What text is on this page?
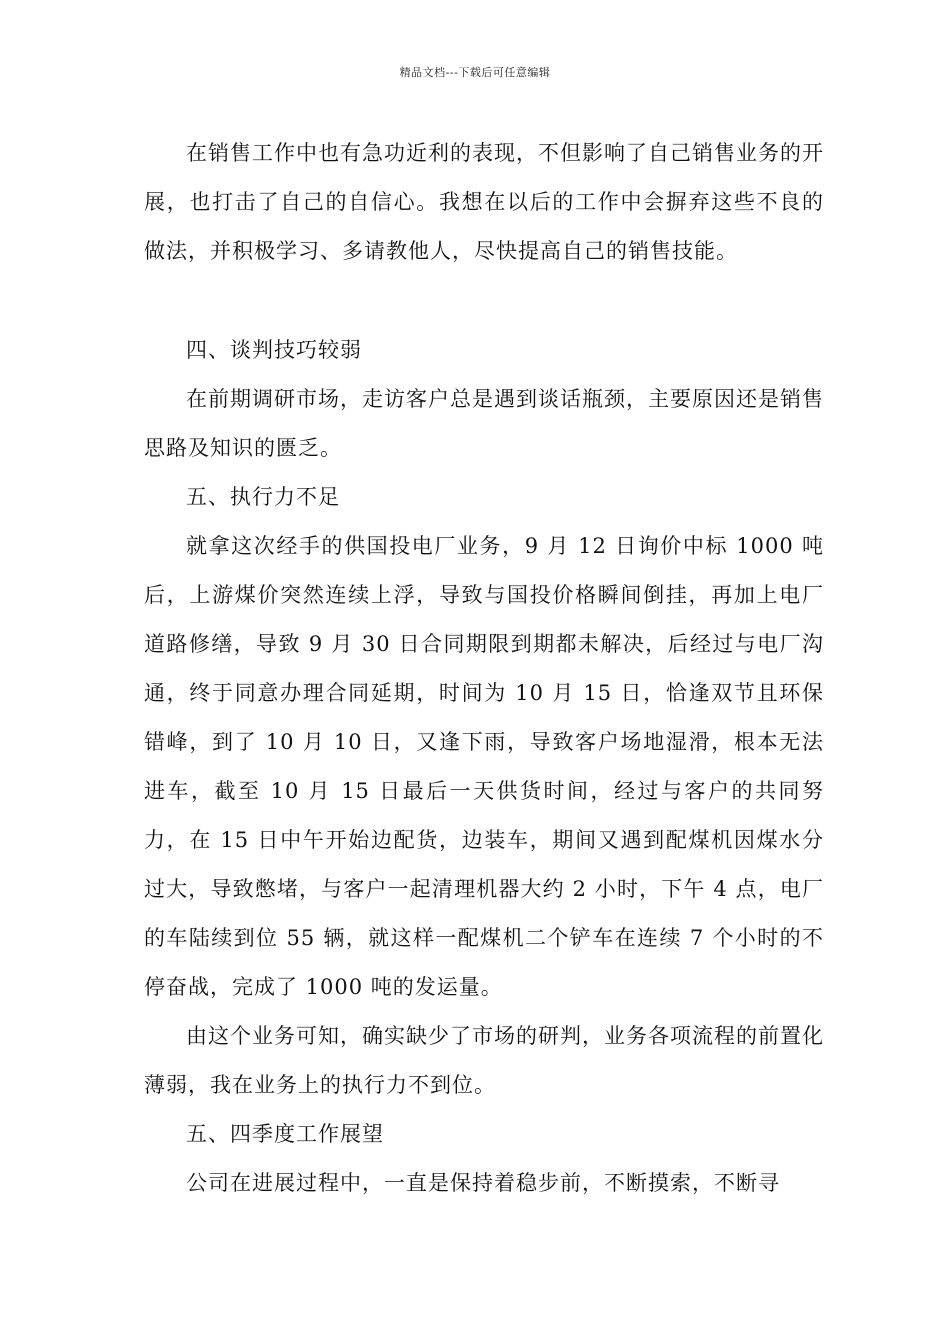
精品文档---下载后可任意编辑

在销售工作中也有急功近利的表现，不但影响了自己销售业务的开展，也打击了自己的自信心。我想在以后的工作中会摒弃这些不良的做法，并积极学习、多请教他人，尽快提高自己的销售技能。

四、谈判技巧较弱

在前期调研市场，走访客户总是遇到谈话瓶颈，主要原因还是销售思路及知识的匮乏。

五、执行力不足

就拿这次经手的供国投电厂业务，9 月 12 日询价中标 1000 吨后，上游煤价突然连续上浮，导致与国投价格瞬间倒挂，再加上电厂道路修缮，导致 9 月 30 日合同期限到期都未解决，后经过与电厂沟通，终于同意办理合同延期，时间为 10 月 15 日，恰逢双节且环保错峰，到了 10 月 10 日，又逢下雨，导致客户场地湿滑，根本无法进车，截至 10 月 15 日最后一天供货时间，经过与客户的共同努力，在 15 日中午开始边配货，边装车，期间又遇到配煤机因煤水分过大，导致憋堵，与客户一起清理机器大约 2 小时，下午 4 点，电厂的车陆续到位 55 辆，就这样一配煤机二个铲车在连续 7 个小时的不停奋战，完成了 1000 吨的发运量。

由这个业务可知，确实缺少了市场的研判，业务各项流程的前置化薄弱，我在业务上的执行力不到位。

五、四季度工作展望

公司在进展过程中，一直是保持着稳步前，不断摸索，不断寻
